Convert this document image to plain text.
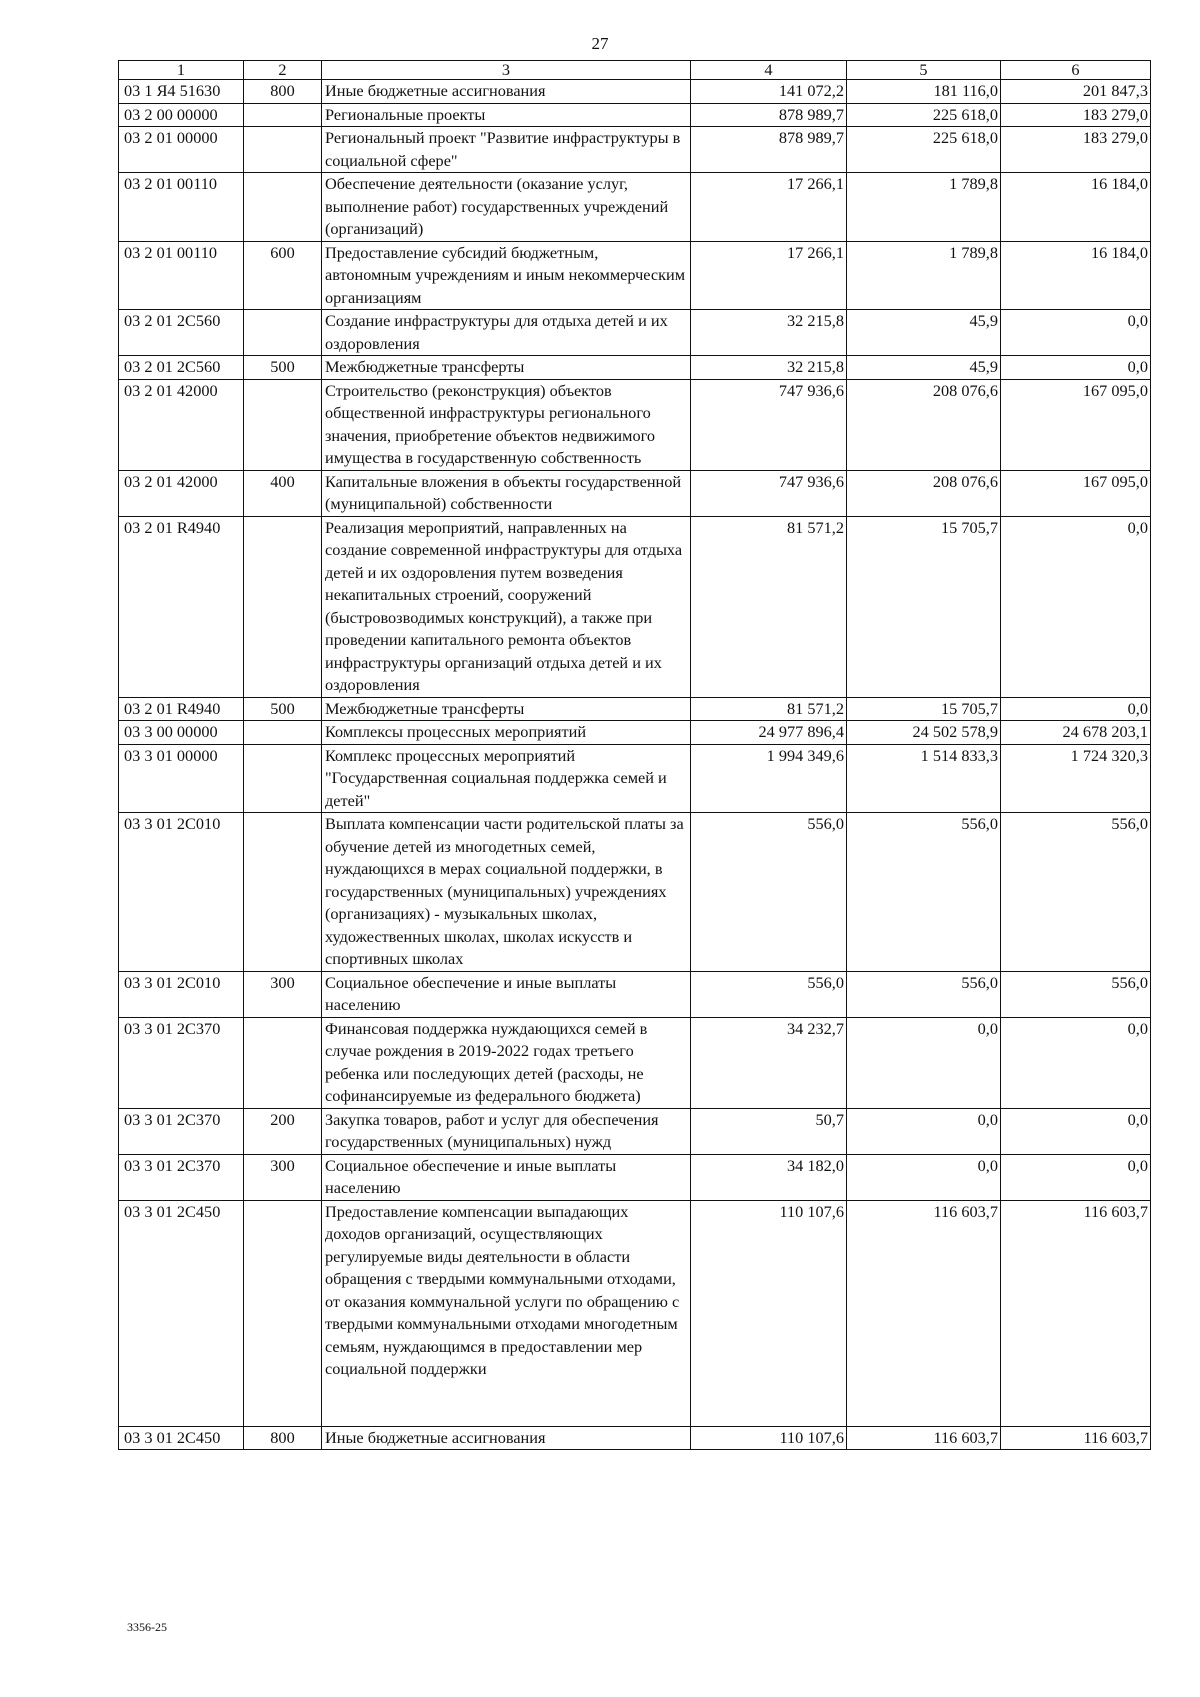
27
1	2	3	4	5	6
03 1 Я4 51630	800	Иные бюджетные ассигнования	141 072,2	181 116,0	201 847,3
03 2 00 00000		Региональные проекты	878 989,7	225 618,0	183 279,0
03 2 01 00000		Региональный проект "Развитие инфраструктуры в социальной сфере"	878 989,7	225 618,0	183 279,0
03 2 01 00110		Обеспечение деятельности (оказание услуг, выполнение работ) государственных учреждений (организаций)	17 266,1	1 789,8	16 184,0
03 2 01 00110	600	Предоставление субсидий бюджетным, автономным учреждениям и иным некоммерческим организациям	17 266,1	1 789,8	16 184,0
03 2 01 2С560		Создание инфраструктуры для отдыха детей и их оздоровления	32 215,8	45,9	0,0
03 2 01 2С560	500	Межбюджетные трансферты	32 215,8	45,9	0,0
03 2 01 42000		Строительство (реконструкция) объектов общественной инфраструктуры регионального значения, приобретение объектов недвижимого имущества в государственную собственность	747 936,6	208 076,6	167 095,0
03 2 01 42000	400	Капитальные вложения в объекты государственной (муниципальной) собственности	747 936,6	208 076,6	167 095,0
03 2 01 R4940		Реализация мероприятий, направленных на создание современной инфраструктуры для отдыха детей и их оздоровления путем возведения некапитальных строений, сооружений (быстровозводимых конструкций), а также при проведении капитального ремонта объектов инфраструктуры организаций отдыха детей и их оздоровления	81 571,2	15 705,7	0,0
03 2 01 R4940	500	Межбюджетные трансферты	81 571,2	15 705,7	0,0
03 3 00 00000		Комплексы процессных мероприятий	24 977 896,4	24 502 578,9	24 678 203,1
03 3 01 00000		Комплекс процессных мероприятий "Государственная социальная поддержка семей и детей"	1 994 349,6	1 514 833,3	1 724 320,3
03 3 01 2С010		Выплата компенсации части родительской платы за обучение детей из многодетных семей, нуждающихся в мерах социальной поддержки, в государственных (муниципальных) учреждениях (организациях) - музыкальных школах, художественных школах, школах искусств и спортивных школах	556,0	556,0	556,0
03 3 01 2С010	300	Социальное обеспечение и иные выплаты населению	556,0	556,0	556,0
03 3 01 2С370		Финансовая поддержка нуждающихся семей в случае рождения в 2019-2022 годах третьего ребенка или последующих детей (расходы, не софинансируемые из федерального бюджета)	34 232,7	0,0	0,0
03 3 01 2С370	200	Закупка товаров, работ и услуг для обеспечения государственных (муниципальных) нужд	50,7	0,0	0,0
03 3 01 2С370	300	Социальное обеспечение и иные выплаты населению	34 182,0	0,0	0,0
03 3 01 2С450		Предоставление компенсации выпадающих доходов организаций, осуществляющих регулируемые виды деятельности в области обращения с твердыми коммунальными отходами, от оказания коммунальной услуги по обращению с твердыми коммунальными отходами многодетным семьям, нуждающимся в предоставлении мер социальной поддержки	110 107,6	116 603,7	116 603,7
03 3 01 2С450	800	Иные бюджетные ассигнования	110 107,6	116 603,7	116 603,7
3356-25
